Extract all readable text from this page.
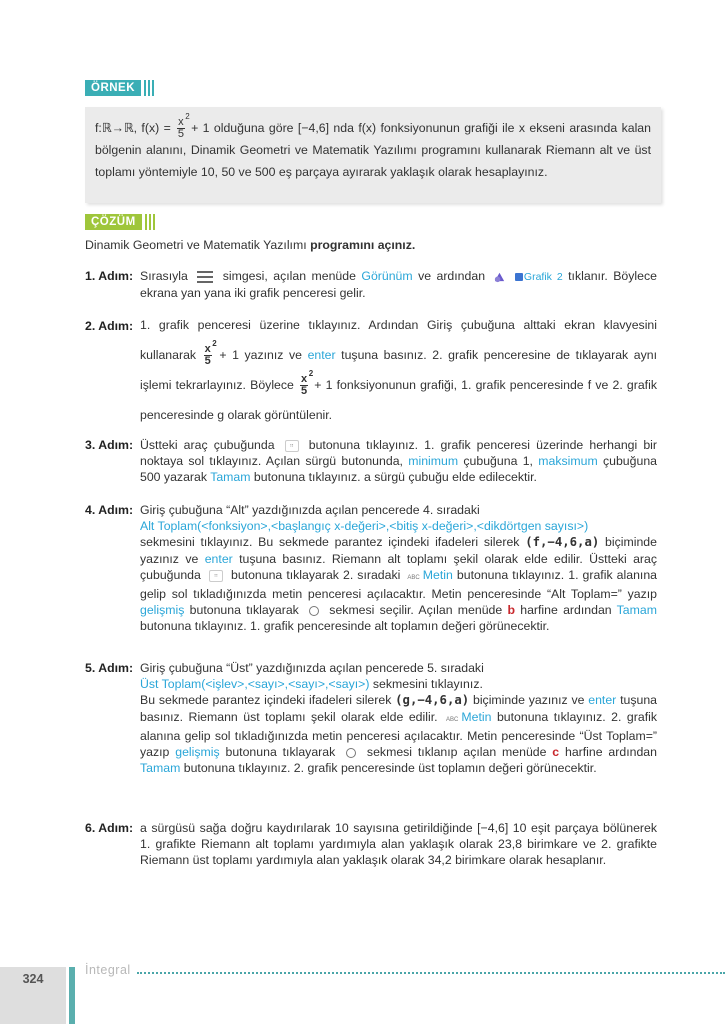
ÖRNEK
f:ℝ→ℝ, $f(x) = \frac{x 2}{5} + 1$ olduğuna göre [−4,6] nda f(x) fonksiyonunun grafiği ile x ekseni arasında kalan bölgenin alanını, Dinamik Geometri ve Matematik Yazılımı programını kullanarak Riemann alt ve üst toplamı yöntemiyle 10, 50 ve 500 eş parçaya ayırarak yaklaşık olarak hesaplayınız.
ÇÖZÜM
Dinamik Geometri ve Matematik Yazılımı programını açınız.
1. Adım: Sırasıyla
simgesi, açılan menüde Görünüm ve ardından	Grafik 2 tıklanır. Böylece ekrana yan yana iki grafik penceresi gelir.
2. Adım: 1. grafik penceresi üzerine tıklayınız. Ardından Giriş çubuğuna alttaki ekran klavyesini kullanarak $\frac{x 2}{5} + 1$ yazınız ve enter tuşuna basınız. 2. grafik penceresine de tıklayarak aynı işlemi tekrarlayınız. Böylece $\frac{x 2}{5} + 1$ fonksiyonunun grafiği, 1. grafik penceresinde f ve 2. grafik penceresinde g olarak görüntülenir.
3. Adım: Üstteki araç çubuğunda ⠶ butonuna tıklayınız. 1. grafik penceresi üzerinde herhangi bir noktaya sol tıklayınız. Açılan sürgü butonunda, minimum çubuğuna 1, maksimum çubuğuna 500 yazarak Tamam butonuna tıklayınız. a sürgü çubuğu elde edilecektir.
4. Adım: Giriş çubuğuna “Alt” yazdığınızda açılan pencerede 4. sıradaki
Alt Toplam(<fonksiyon>,<başlangıç x-değeri>,<bitiş x-değeri>,<dikdörtgen sayısı>)
sekmesini tıklayınız. Bu sekmede parantez içindeki ifadeleri silerek (f,−4,6,a) biçiminde yazınız ve enter tuşuna basınız. Riemann alt toplamı şekil olarak elde edilir. Üstteki araç çubuğunda ⠶ butonuna tıklayarak 2. sıradaki ABC Metin butonuna tıklayınız. 1. grafik alanına gelip sol tıkladığınızda metin penceresi açılacaktır. Metin penceresinde “Alt Toplam=” yazıp gelişmiş butonuna tıklayarak  sekmesi seçilir. Açılan menüde b harfine ardından Tamam butonuna tıklayınız. 1. grafik penceresinde alt toplamın değeri görünecektir.
5. Adım: Giriş çubuğuna “Üst” yazdığınızda açılan pencerede 5. sıradaki
Üst Toplam(<işlev>,<sayı>,<sayı>,<sayı>) sekmesini tıklayınız.
Bu sekmede parantez içindeki ifadeleri silerek (g,−4,6,a) biçiminde yazınız ve enter tuşuna basınız. Riemann üst toplamı şekil olarak elde edilir. ABC Metin butonuna tıklayınız. 2. grafik alanına gelip sol tıkladığınızda metin penceresi açılacaktır. Metin penceresinde “Üst Toplam=” yazıp gelişmiş butonuna tıklayarak  sekmesi tıklanıp açılan menüde c harfine ardından Tamam butonuna tıklayınız. 2. grafik penceresinde üst toplamın değeri görünecektir.
6. Adım: a sürgüsü sağa doğru kaydırılarak 10 sayısına getirildiğinde [−4,6] 10 eşit parçaya bölünerek 1. grafikte Riemann alt toplamı yardımıyla alan yaklaşık olarak 23,8 birimkare ve 2. grafikte Riemann üst toplamı yardımıyla alan yaklaşık olarak 34,2 birimkare olarak hesaplanır.
324
İntegral
